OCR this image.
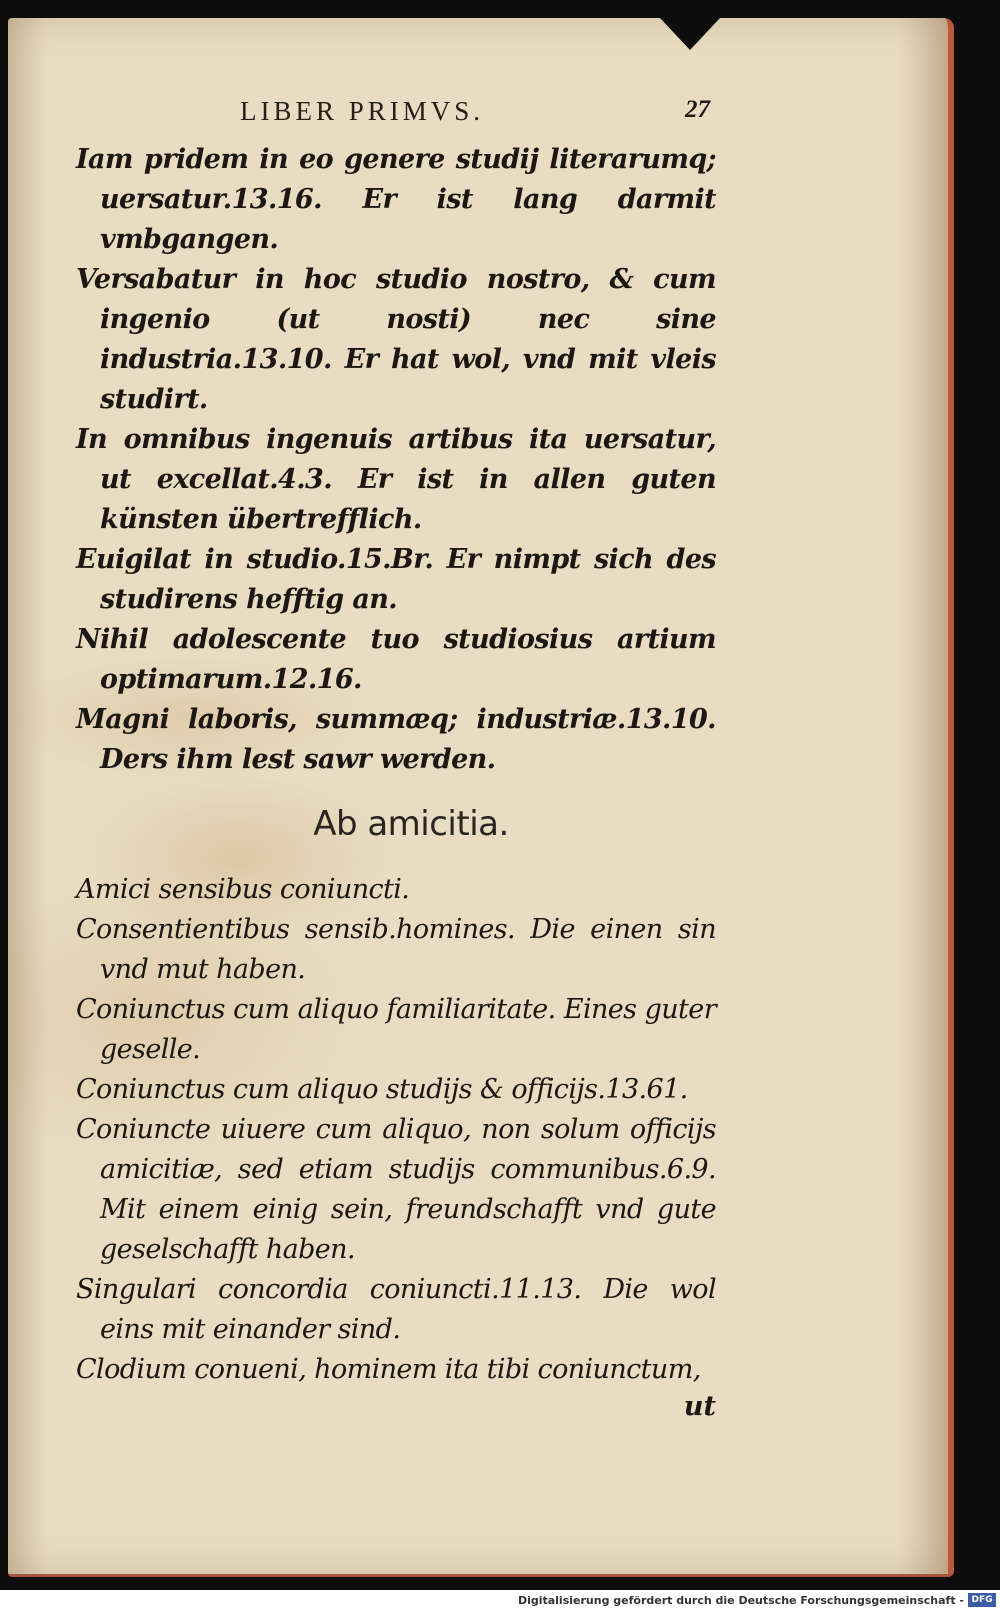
LIBER PRIMVS.	27

Iam pridem in eo genere studij literarumq; uersatur.13.16. Er ist lang darmit vmbgangen.

Versabatur in hoc studio nostro, & cum ingenio (ut nosti) nec sine industria.13.10. Er hat wol, vnd mit vleis studirt.

In omnibus ingenuis artibus ita uersatur, ut excellat.4.3. Er ist in allen guten künsten übertrefflich.

Euigilat in studio.15.Br. Er nimpt sich des studirens hefftig an.

Nihil adolescente tuo studiosius artium optimarum.12.16.

Magni laboris, summæq; industriæ.13.10. Ders ihm lest sawr werden.

Ab amicitia.

Amici sensibus coniuncti.

Consentientibus sensib.homines. Die einen sin vnd mut haben.

Coniunctus cum aliquo familiaritate. Eines guter geselle.

Coniunctus cum aliquo studijs & officijs.13.61.

Coniuncte uiuere cum aliquo, non solum officijs amicitiæ, sed etiam studijs communibus.6.9. Mit einem einig sein, freundschafft vnd gute geselschafft haben.

Singulari concordia coniuncti.11.13. Die wol eins mit einander sind.

Clodium conueni, hominem ita tibi coniunctum,

ut

Digitalisierung gefördert durch die Deutsche Forschungsgemeinschaft - DFG
